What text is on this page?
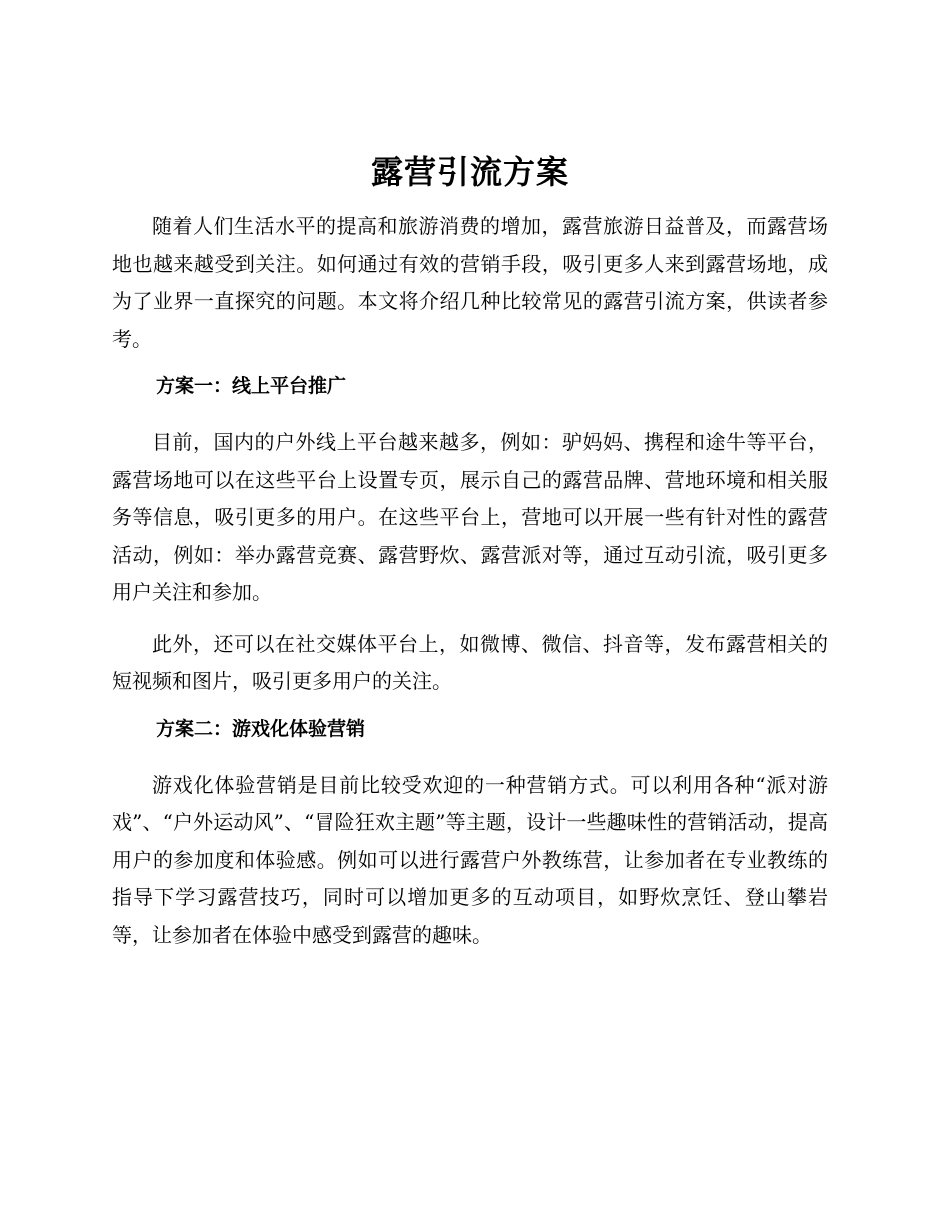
露营引流方案

随着人们生活水平的提高和旅游消费的增加，露营旅游日益普及，而露营场地也越来越受到关注。如何通过有效的营销手段，吸引更多人来到露营场地，成为了业界一直探究的问题。本文将介绍几种比较常见的露营引流方案，供读者参考。

方案一：线上平台推广

目前，国内的户外线上平台越来越多，例如：驴妈妈、携程和途牛等平台，露营场地可以在这些平台上设置专页，展示自己的露营品牌、营地环境和相关服务等信息，吸引更多的用户。在这些平台上，营地可以开展一些有针对性的露营活动，例如：举办露营竞赛、露营野炊、露营派对等，通过互动引流，吸引更多用户关注和参加。

此外，还可以在社交媒体平台上，如微博、微信、抖音等，发布露营相关的短视频和图片，吸引更多用户的关注。

方案二：游戏化体验营销

游戏化体验营销是目前比较受欢迎的一种营销方式。可以利用各种“派对游戏”、“户外运动风”、“冒险狂欢主题”等主题，设计一些趣味性的营销活动，提高用户的参加度和体验感。例如可以进行露营户外教练营，让参加者在专业教练的指导下学习露营技巧，同时可以增加更多的互动项目，如野炊烹饪、登山攀岩等，让参加者在体验中感受到露营的趣味。
